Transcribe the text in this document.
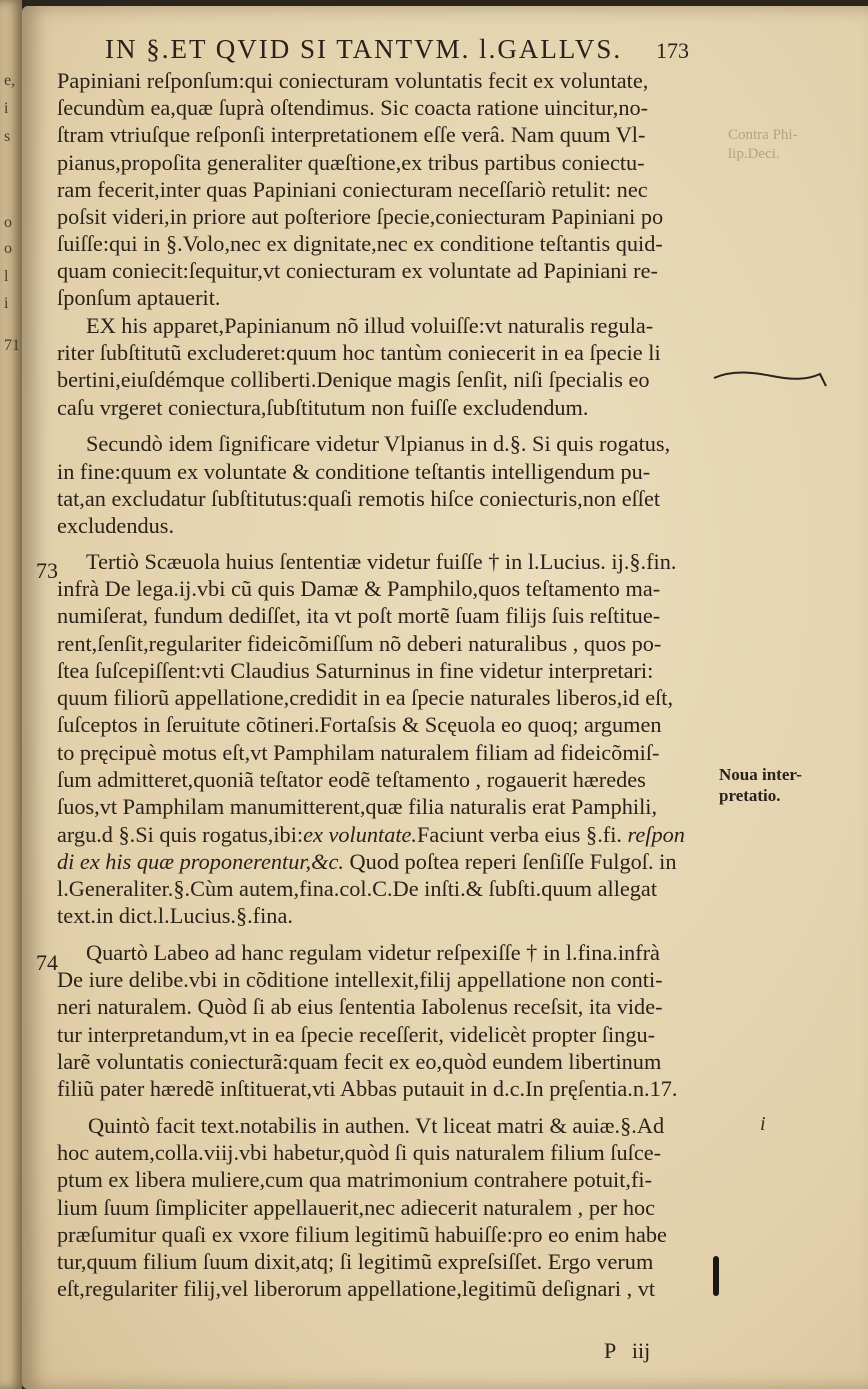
e,
i
s
o
o
l
i
71
IN §.ET QVID SI TANTVM. l.GALLVS. 173
Contra Phi-
lip.Deci.
Papiniani reſponſum:qui coniecturam voluntatis fecit ex voluntate,
ſecundùm ea,quæ ſuprà oſtendimus. Sic coacta ratione uincitur,no-
ſtram vtriuſque reſponſi interpretationem eſſe verâ. Nam quum Vl-
pianus,propoſita generaliter quæſtione,ex tribus partibus coniectu-
ram fecerit,inter quas Papiniani coniecturam neceſſariò retulit: nec
poſsit videri,in priore aut poſteriore ſpecie,coniecturam Papiniani po
ſuiſſe:qui in §.Volo,nec ex dignitate,nec ex conditione teſtantis quid-
quam coniecit:ſequitur,vt coniecturam ex voluntate ad Papiniani re-
ſponſum aptauerit.
EX his apparet,Papinianum nõ illud voluiſſe:vt naturalis regula-
riter ſubſtitutũ excluderet:quum hoc tantùm coniecerit in ea ſpecie li
bertini,eiuſdémque colliberti.Denique magis ſenſit, niſi ſpecialis eo
caſu vrgeret coniectura,ſubſtitutum non fuiſſe excludendum.
Secundò idem ſignificare videtur Vlpianus in d.§. Si quis rogatus,
in fine:quum ex voluntate & conditione teſtantis intelligendum pu-
tat,an excludatur ſubſtitutus:quaſi remotis hiſce coniecturis,non eſſet
excludendus.
73 Tertiò Scæuola huius ſententiæ videtur fuiſſe † in l.Lucius. ij.§.fin.
infrà De lega.ij.vbi cũ quis Damæ & Pamphilo,quos teſtamento ma-
numiſerat, fundum dediſſet, ita vt poſt mortẽ ſuam filijs ſuis reſtitue-
rent,ſenſit,regulariter fideicõmiſſum nõ deberi naturalibus , quos po-
ſtea ſuſcepiſſent:vti Claudius Saturninus in fine videtur interpretari:
quum filiorũ appellatione,credidit in ea ſpecie naturales liberos,id eſt,
ſuſceptos in ſeruitute cõtineri.Fortaſsis & Scęuola eo quoq; argumen
to pręcipuè motus eſt,vt Pamphilam naturalem filiam ad fideicõmiſ-
ſum admitteret,quoniã teſtator eodẽ teſtamento , rogauerit hæredes
ſuos,vt Pamphilam manumitterent,quæ filia naturalis erat Pamphili,
argu.d §.Si quis rogatus,ibi:ex voluntate.Faciunt verba eius §.fi. reſpon
di ex his quæ proponerentur,&c. Quod poſtea reperi ſenſiſſe Fulgoſ. in
l.Generaliter.§.Cùm autem,fina.col.C.De inſti.& ſubſti.quum allegat
text.in dict.l.Lucius.§.fina.
Noua inter-
pretatio.
74 Quartò Labeo ad hanc regulam videtur reſpexiſſe † in l.fina.infrà
De iure delibe.vbi in cõditione intellexit,filij appellatione non conti-
neri naturalem. Quòd ſi ab eius ſententia Iabolenus receſsit, ita vide-
tur interpretandum,vt in ea ſpecie receſſerit, videlicèt propter ſingu-
larẽ voluntatis coniecturã:quam fecit ex eo,quòd eundem libertinum
filiũ pater hæredẽ inſtituerat,vti Abbas putauit in d.c.In pręſentia.n.17.
Quintò facit text.notabilis in authen. Vt liceat matri & auiæ.§.Ad	i
hoc autem,colla.viij.vbi habetur,quòd ſi quis naturalem filium ſuſce-
ptum ex libera muliere,cum qua matrimonium contrahere potuit,fi-
lium ſuum ſimpliciter appellauerit,nec adiecerit naturalem , per hoc
præſumitur quaſi ex vxore filium legitimũ habuiſſe:pro eo enim habe
tur,quum filium ſuum dixit,atq; ſi legitimũ expreſsiſſet. Ergo verum
eſt,regulariter filij,vel liberorum appellatione,legitimũ deſignari , vt
P   iij
